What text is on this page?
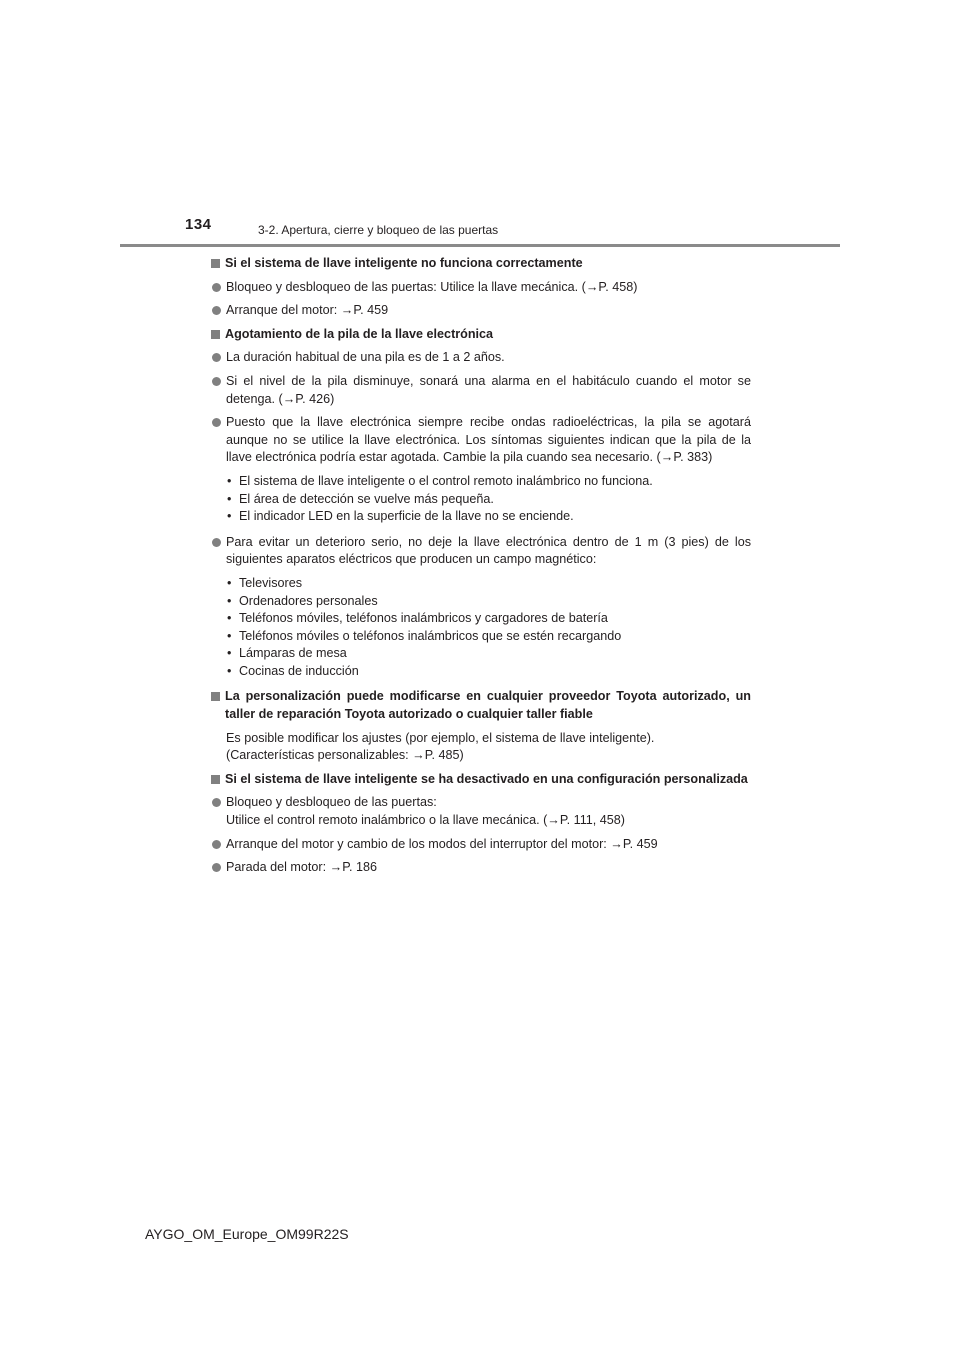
134	3-2. Apertura, cierre y bloqueo de las puertas
Si el sistema de llave inteligente no funciona correctamente
Bloqueo y desbloqueo de las puertas: Utilice la llave mecánica. (→P. 458)
Arranque del motor: →P. 459
Agotamiento de la pila de la llave electrónica
La duración habitual de una pila es de 1 a 2 años.
Si el nivel de la pila disminuye, sonará una alarma en el habitáculo cuando el motor se detenga. (→P. 426)
Puesto que la llave electrónica siempre recibe ondas radioeléctricas, la pila se agotará aunque no se utilice la llave electrónica. Los síntomas siguientes indican que la pila de la llave electrónica podría estar agotada. Cambie la pila cuando sea necesario. (→P. 383)
• El sistema de llave inteligente o el control remoto inalámbrico no funciona.
• El área de detección se vuelve más pequeña.
• El indicador LED en la superficie de la llave no se enciende.
Para evitar un deterioro serio, no deje la llave electrónica dentro de 1 m (3 pies) de los siguientes aparatos eléctricos que producen un campo magnético:
• Televisores
• Ordenadores personales
• Teléfonos móviles, teléfonos inalámbricos y cargadores de batería
• Teléfonos móviles o teléfonos inalámbricos que se estén recargando
• Lámparas de mesa
• Cocinas de inducción
La personalización puede modificarse en cualquier proveedor Toyota autorizado, un taller de reparación Toyota autorizado o cualquier taller fiable
Es posible modificar los ajustes (por ejemplo, el sistema de llave inteligente).
(Características personalizables: →P. 485)
Si el sistema de llave inteligente se ha desactivado en una configuración personalizada
Bloqueo y desbloqueo de las puertas:
Utilice el control remoto inalámbrico o la llave mecánica. (→P. 111, 458)
Arranque del motor y cambio de los modos del interruptor del motor: →P. 459
Parada del motor: →P. 186
AYGO_OM_Europe_OM99R22S
